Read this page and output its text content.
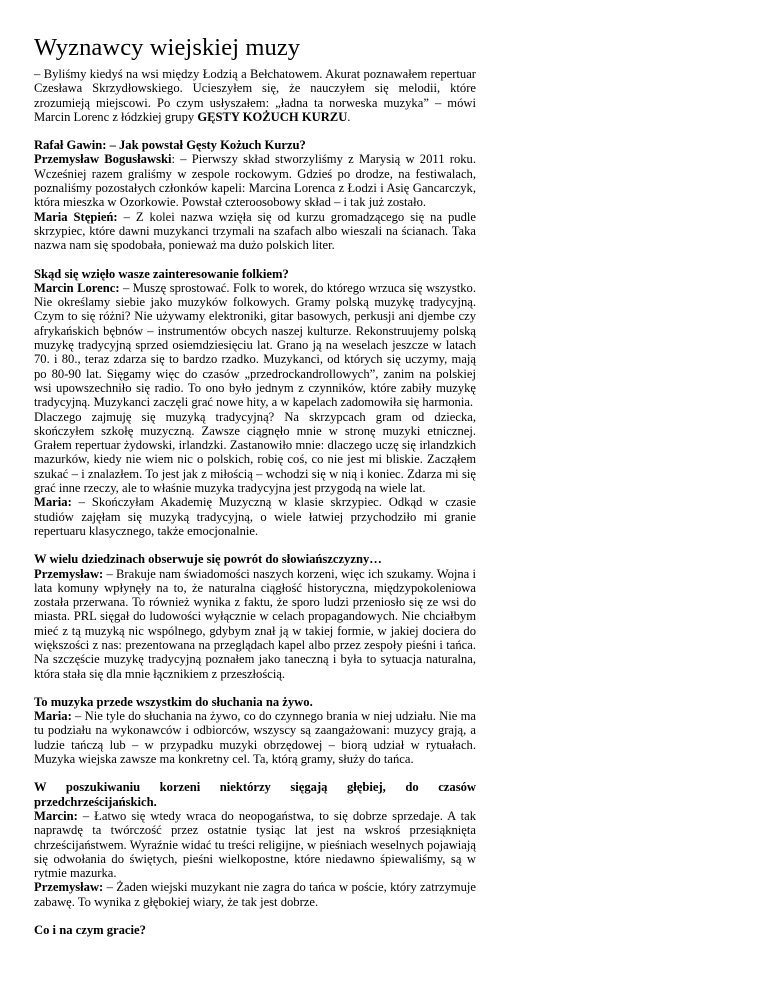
Wyznawcy wiejskiej muzy

– Byliśmy kiedyś na wsi między Łodzią a Bełchatowem. Akurat poznawałem repertuar Czesława Skrzydłowskiego. Ucieszyłem się, że nauczyłem się melodii, które zrozumieją miejscowi. Po czym usłyszałem: „ładna ta norweska muzyka” – mówi Marcin Lorenc z łódzkiej grupy GĘSTY KOŻUCH KURZU.

Rafał Gawin: – Jak powstał Gęsty Kożuch Kurzu?

Przemysław Bogusławski: – Pierwszy skład stworzyliśmy z Marysią w 2011 roku. Wcześniej razem graliśmy w zespole rockowym. Gdzieś po drodze, na festiwalach, poznaliśmy pozostałych członków kapeli: Marcina Lorenca z Łodzi i Asię Gancarczyk, która mieszka w Ozorkowie. Powstał czteroosobowy skład – i tak już zostało.

Maria Stępień: – Z kolei nazwa wzięła się od kurzu gromadzącego się na pudle skrzypiec, które dawni muzykanci trzymali na szafach albo wieszali na ścianach. Taka nazwa nam się spodobała, ponieważ ma dużo polskich liter.

Skąd się wzięło wasze zainteresowanie folkiem?

Marcin Lorenc: – Muszę sprostować. Folk to worek, do którego wrzuca się wszystko. Nie określamy siebie jako muzyków folkowych. Gramy polską muzykę tradycyjną. Czym to się różni? Nie używamy elektroniki, gitar basowych, perkusji ani djembe czy afrykańskich bębnów – instrumentów obcych naszej kulturze. Rekonstruujemy polską muzykę tradycyjną sprzed osiemdziesięciu lat. Grano ją na weselach jeszcze w latach 70. i 80., teraz zdarza się to bardzo rzadko. Muzykanci, od których się uczymy, mają po 80-90 lat. Sięgamy więc do czasów „przedrockandrollowych”, zanim na polskiej wsi upowszechniło się radio. To ono było jednym z czynników, które zabiły muzykę tradycyjną. Muzykanci zaczęli grać nowe hity, a w kapelach zadomowiła się harmonia.

Dlaczego zajmuję się muzyką tradycyjną? Na skrzypcach gram od dziecka, skończyłem szkołę muzyczną. Zawsze ciągnęło mnie w stronę muzyki etnicznej. Grałem repertuar żydowski, irlandzki. Zastanowiło mnie: dlaczego uczę się irlandzkich mazurków, kiedy nie wiem nic o polskich, robię coś, co nie jest mi bliskie. Zacząłem szukać – i znalazłem. To jest jak z miłością – wchodzi się w nią i koniec. Zdarza mi się grać inne rzeczy, ale to właśnie muzyka tradycyjna jest przygodą na wiele lat.

Maria: – Skończyłam Akademię Muzyczną w klasie skrzypiec. Odkąd w czasie studiów zajęłam się muzyką tradycyjną, o wiele łatwiej przychodziło mi granie repertuaru klasycznego, także emocjonalnie.

W wielu dziedzinach obserwuje się powrót do słowiańszczyzny…

Przemysław: – Brakuje nam świadomości naszych korzeni, więc ich szukamy. Wojna i lata komuny wpłynęły na to, że naturalna ciągłość historyczna, międzypokoleniowa została przerwana. To również wynika z faktu, że sporo ludzi przeniosło się ze wsi do miasta. PRL sięgał do ludowości wyłącznie w celach propagandowych. Nie chciałbym mieć z tą muzyką nic wspólnego, gdybym znał ją w takiej formie, w jakiej dociera do większości z nas: prezentowana na przeglądach kapel albo przez zespoły pieśni i tańca. Na szczęście muzykę tradycyjną poznałem jako taneczną i była to sytuacja naturalna, która stała się dla mnie łącznikiem z przeszłością.

To muzyka przede wszystkim do słuchania na żywo.

Maria: – Nie tyle do słuchania na żywo, co do czynnego brania w niej udziału. Nie ma tu podziału na wykonawców i odbiorców, wszyscy są zaangażowani: muzycy grają, a ludzie tańczą lub – w przypadku muzyki obrzędowej – biorą udział w rytuałach. Muzyka wiejska zawsze ma konkretny cel. Ta, którą gramy, służy do tańca.

W poszukiwaniu korzeni niektórzy sięgają głębiej, do czasów przedchrześcijańskich.

Marcin: – Łatwo się wtedy wraca do neopogaństwa, to się dobrze sprzedaje. A tak naprawdę ta twórczość przez ostatnie tysiąc lat jest na wskroś przesiąknięta chrześcijaństwem. Wyraźnie widać tu treści religijne, w pieśniach weselnych pojawiają się odwołania do świętych, pieśni wielkopostne, które niedawno śpiewaliśmy, są w rytmie mazurka.

Przemysław: – Żaden wiejski muzykant nie zagra do tańca w poście, który zatrzymuje zabawę. To wynika z głębokiej wiary, że tak jest dobrze.

Co i na czym gracie?
